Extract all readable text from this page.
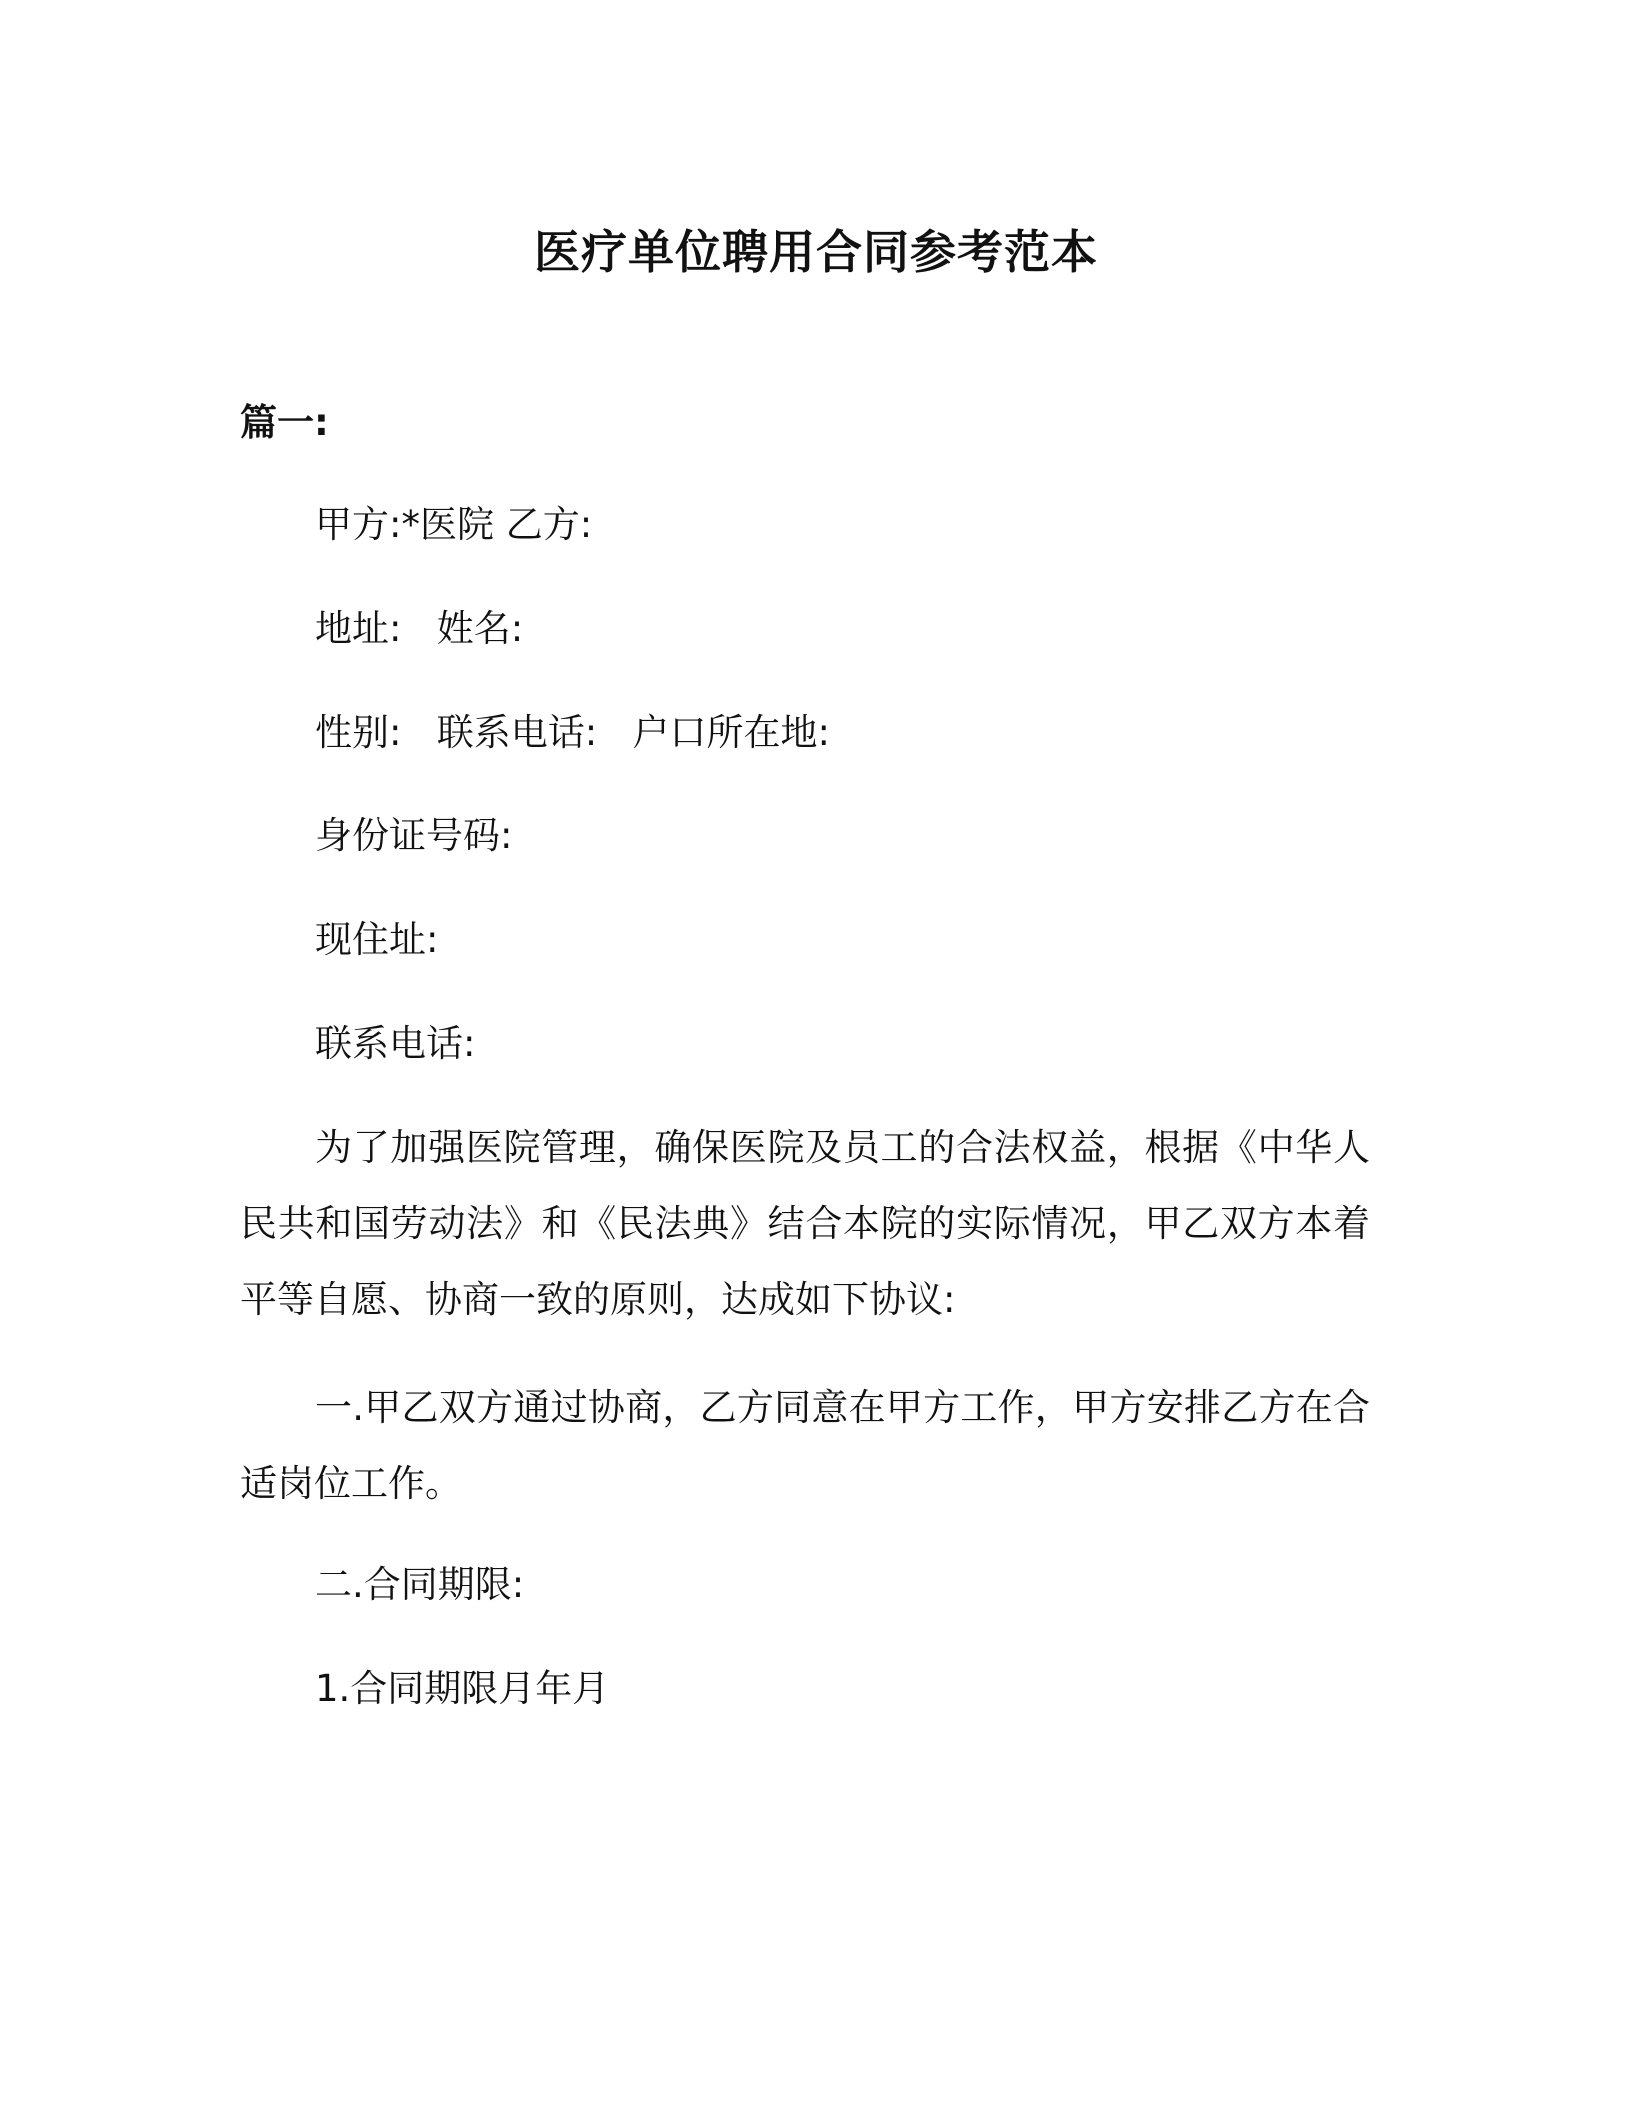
医疗单位聘用合同参考范本
篇一:
甲方:*医院 乙方:
地址:   姓名:
性别:   联系电话:   户口所在地:
身份证号码:
现住址:
联系电话:
为了加强医院管理，确保医院及员工的合法权益，根据《中华人民共和国劳动法》和《民法典》结合本院的实际情况，甲乙双方本着平等自愿、协商一致的原则，达成如下协议:
一.甲乙双方通过协商，乙方同意在甲方工作，甲方安排乙方在合适岗位工作。
二.合同期限:
1.合同期限月年月
